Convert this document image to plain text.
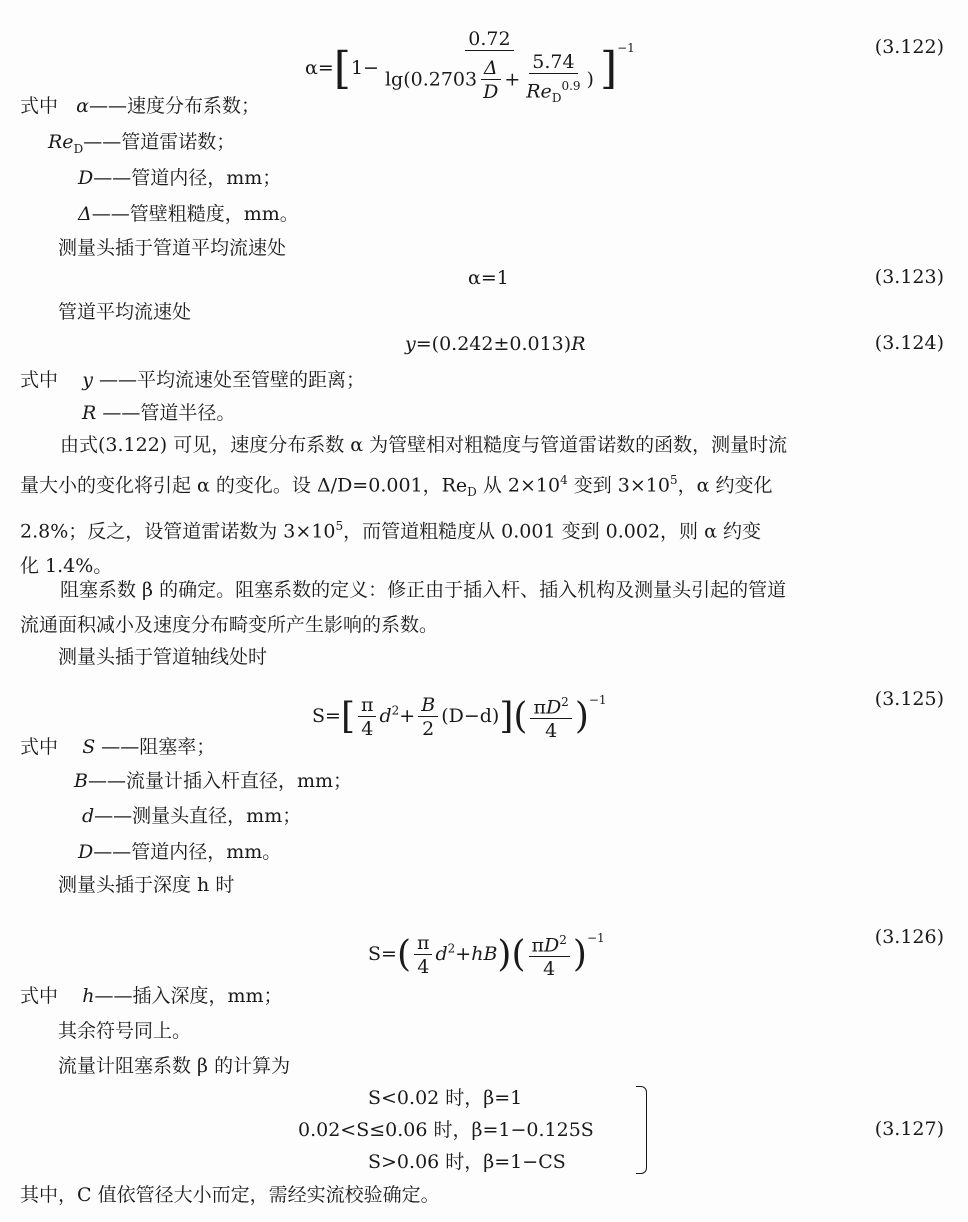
$\alpha=[1- \frac{0.72}{\lg(0.2703 \frac{\Delta}{D} + \frac{5.74}{Re_D^{0.9}} )} ]^{-1}$	(3.122)
式中 α——速度分布系数；
$Re_D——$管道雷诺数；
D——管道内径，mm；
Δ——管壁粗糙度，mm。
测量头插于管道平均流速处
α=1	(3.123)
管道平均流速处
y=(0.242±0.013)R	(3.124)
式中 y ——平均流速处至管壁的距离；
R ——管道半径。
由式(3.122) 可见，速度分布系数 α 为管壁相对粗糙度与管道雷诺数的函数，测量时流
量大小的变化将引起 α 的变化。设 Δ/D=0.001，$Re_D$ 从 $2\times 10^4$ 变到 $3\times 10^5$，α 约变化
2.8%；反之，设管道雷诺数为 $3\times 10^5$，而管道粗糙度从 0.001 变到 0.002，则 α 约变
化 1.4%。
阻塞系数 β 的确定。阻塞系数的定义：修正由于插入杆、插入机构及测量头引起的管道
流通面积减小及速度分布畸变所产生影响的系数。
测量头插于管道轴线处时
$S=[ \frac{\pi}{4} d^2+ \frac{B}{2} (D-d)]( \frac{\pi D^2}{4} )^{-1}$	(3.125)
式中 S ——阻塞率；
B——流量计插入杆直径，mm；
d——测量头直径，mm；
D——管道内径，mm。
测量头插于深度 h 时
$S=( \frac{\pi}{4} d^2+hB)( \frac{\pi D^2}{4} )^{-1}$	(3.126)
式中 h——插入深度，mm；
其余符号同上。
流量计阻塞系数 β 的计算为
S<0.02 时，β=1
0.02<S≤0.06 时，β=1−0.125S
S>0.06 时，β=1−CS
(3.127)
其中，C 值依管径大小而定，需经实流校验确定。
